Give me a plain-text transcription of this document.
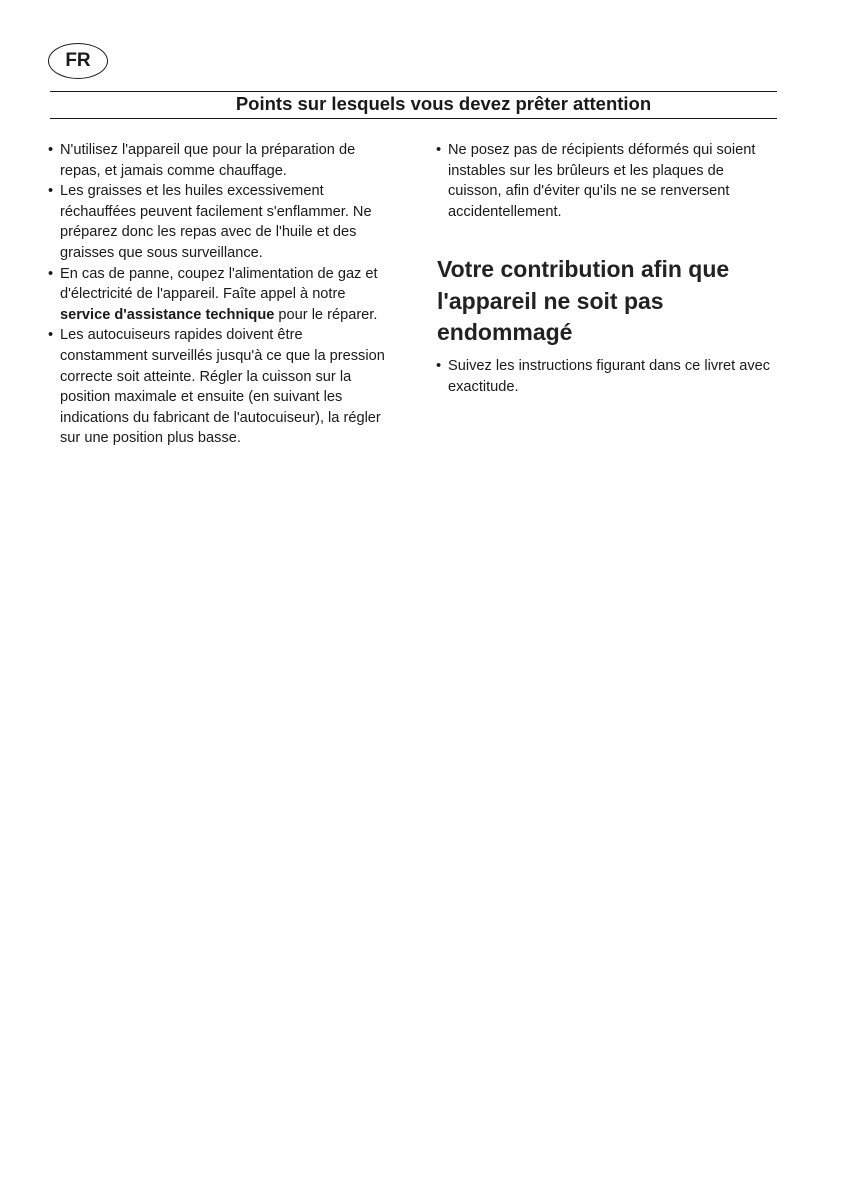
FR
Points sur lesquels vous devez prêter attention
• N'utilisez l'appareil que pour la préparation de repas, et jamais comme chauffage.
• Les graisses et les huiles excessivement réchauffées peuvent facilement s'enflammer. Ne préparez donc les repas avec de l'huile et des graisses que sous surveillance.
• En cas de panne, coupez l'alimentation de gaz et d'électricité de l'appareil. Faîte appel à notre service d'assistance technique pour le réparer.
• Les autocuiseurs rapides doivent être constamment surveillés jusqu'à ce que la pression correcte soit atteinte. Régler la cuisson sur la position maximale et ensuite (en suivant les indications du fabricant de l'autocuiseur), la régler sur une position plus basse.
• Ne posez pas de récipients déformés qui soient instables sur les brûleurs et les plaques de cuisson, afin d'éviter qu'ils ne se renversent accidentellement.
Votre contribution afin que l'appareil ne soit pas endommagé
• Suivez les instructions figurant dans ce livret avec exactitude.
